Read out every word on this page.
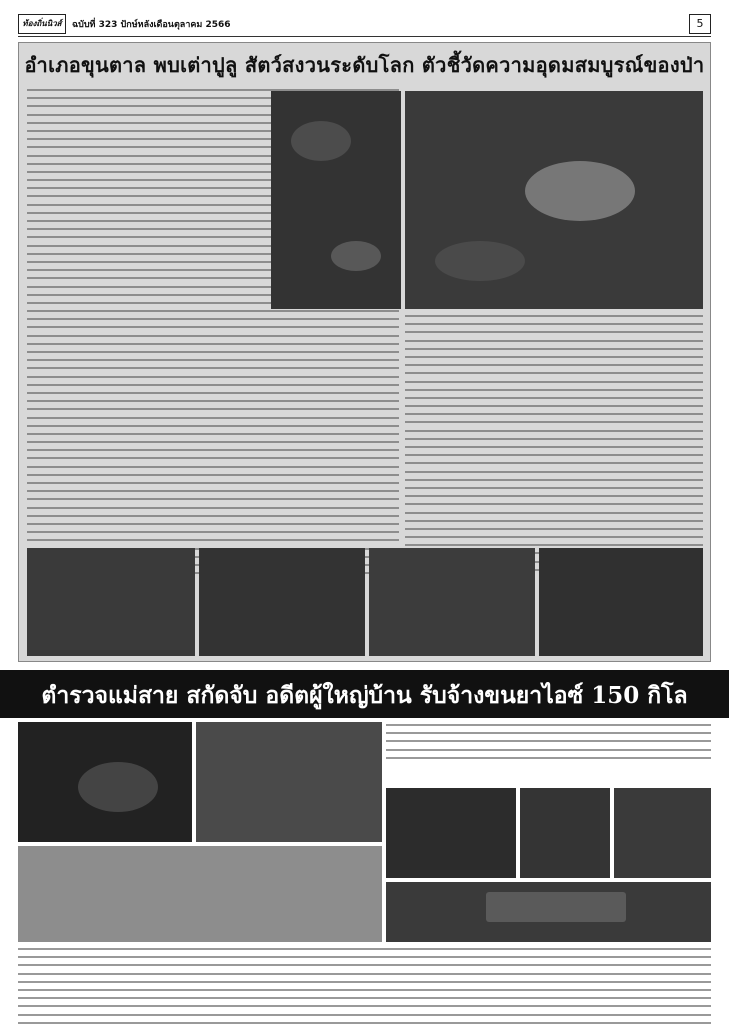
ท้องถิ่นนิวส์	ฉบับที่ 323 ปักษ์หลังเดือนตุลาคม 2566	5
อำเภอขุนตาล พบเต่าปูลู สัตว์สงวนระดับโลก ตัวชี้วัดความอุดมสมบูรณ์ของป่า
ตำรวจแม่สาย สกัดจับ อดีตผู้ใหญ่บ้าน รับจ้างขนยาไอซ์ 150 กิโล
